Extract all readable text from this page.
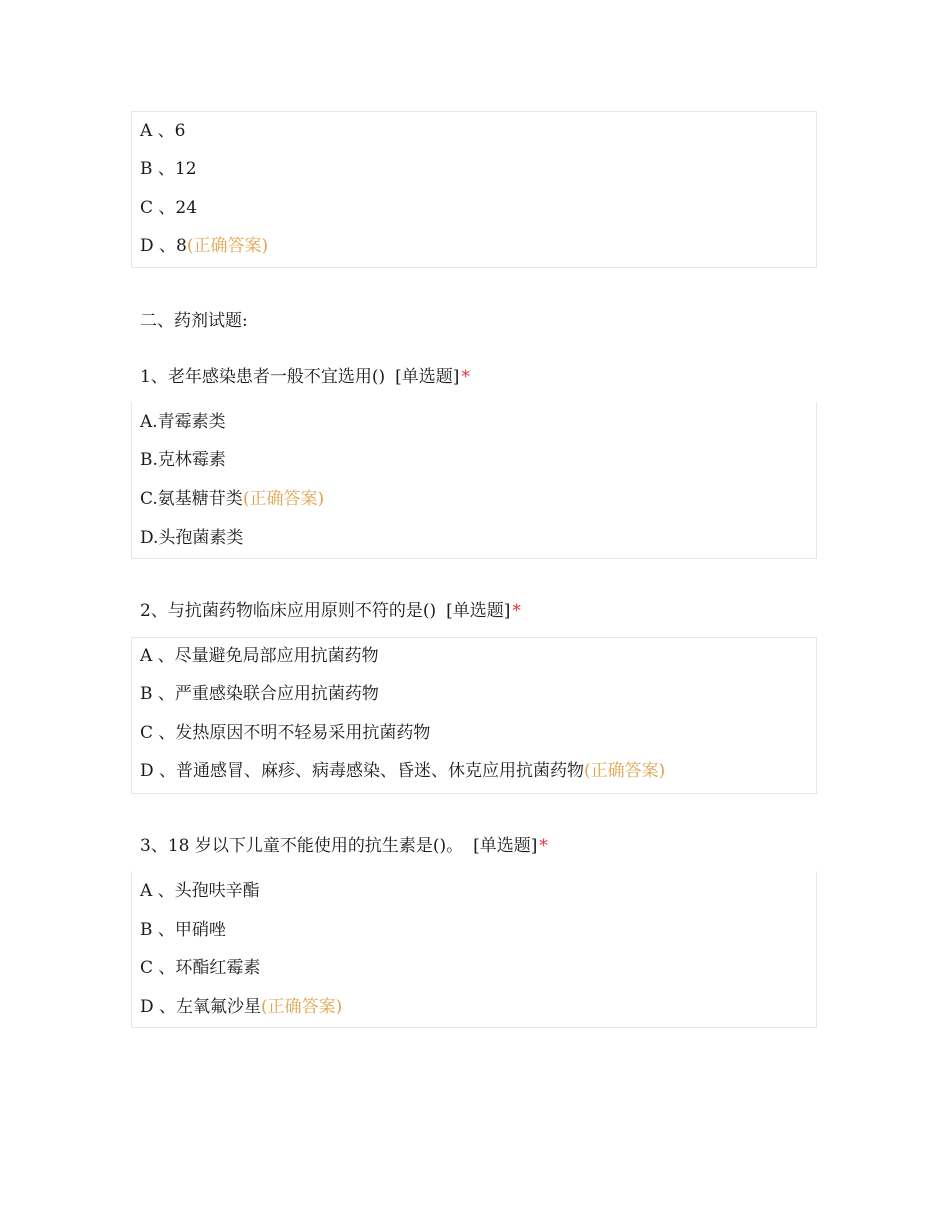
A 、6
B 、12
C 、24
D 、8(正确答案)
二、药剂试题:
1、老年感染患者一般不宜选用() [单选题] *
A.青霉素类
B.克林霉素
C.氨基糖苷类(正确答案)
D.头孢菌素类
2、与抗菌药物临床应用原则不符的是() [单选题] *
A 、尽量避免局部应用抗菌药物
B 、严重感染联合应用抗菌药物
C 、发热原因不明不轻易采用抗菌药物
D 、普通感冒、麻疹、病毒感染、昏迷、休克应用抗菌药物(正确答案)
3、18 岁以下儿童不能使用的抗生素是()。 [单选题] *
A 、头孢呋辛酯
B 、甲硝唑
C 、环酯红霉素
D 、左氧氟沙星(正确答案)
